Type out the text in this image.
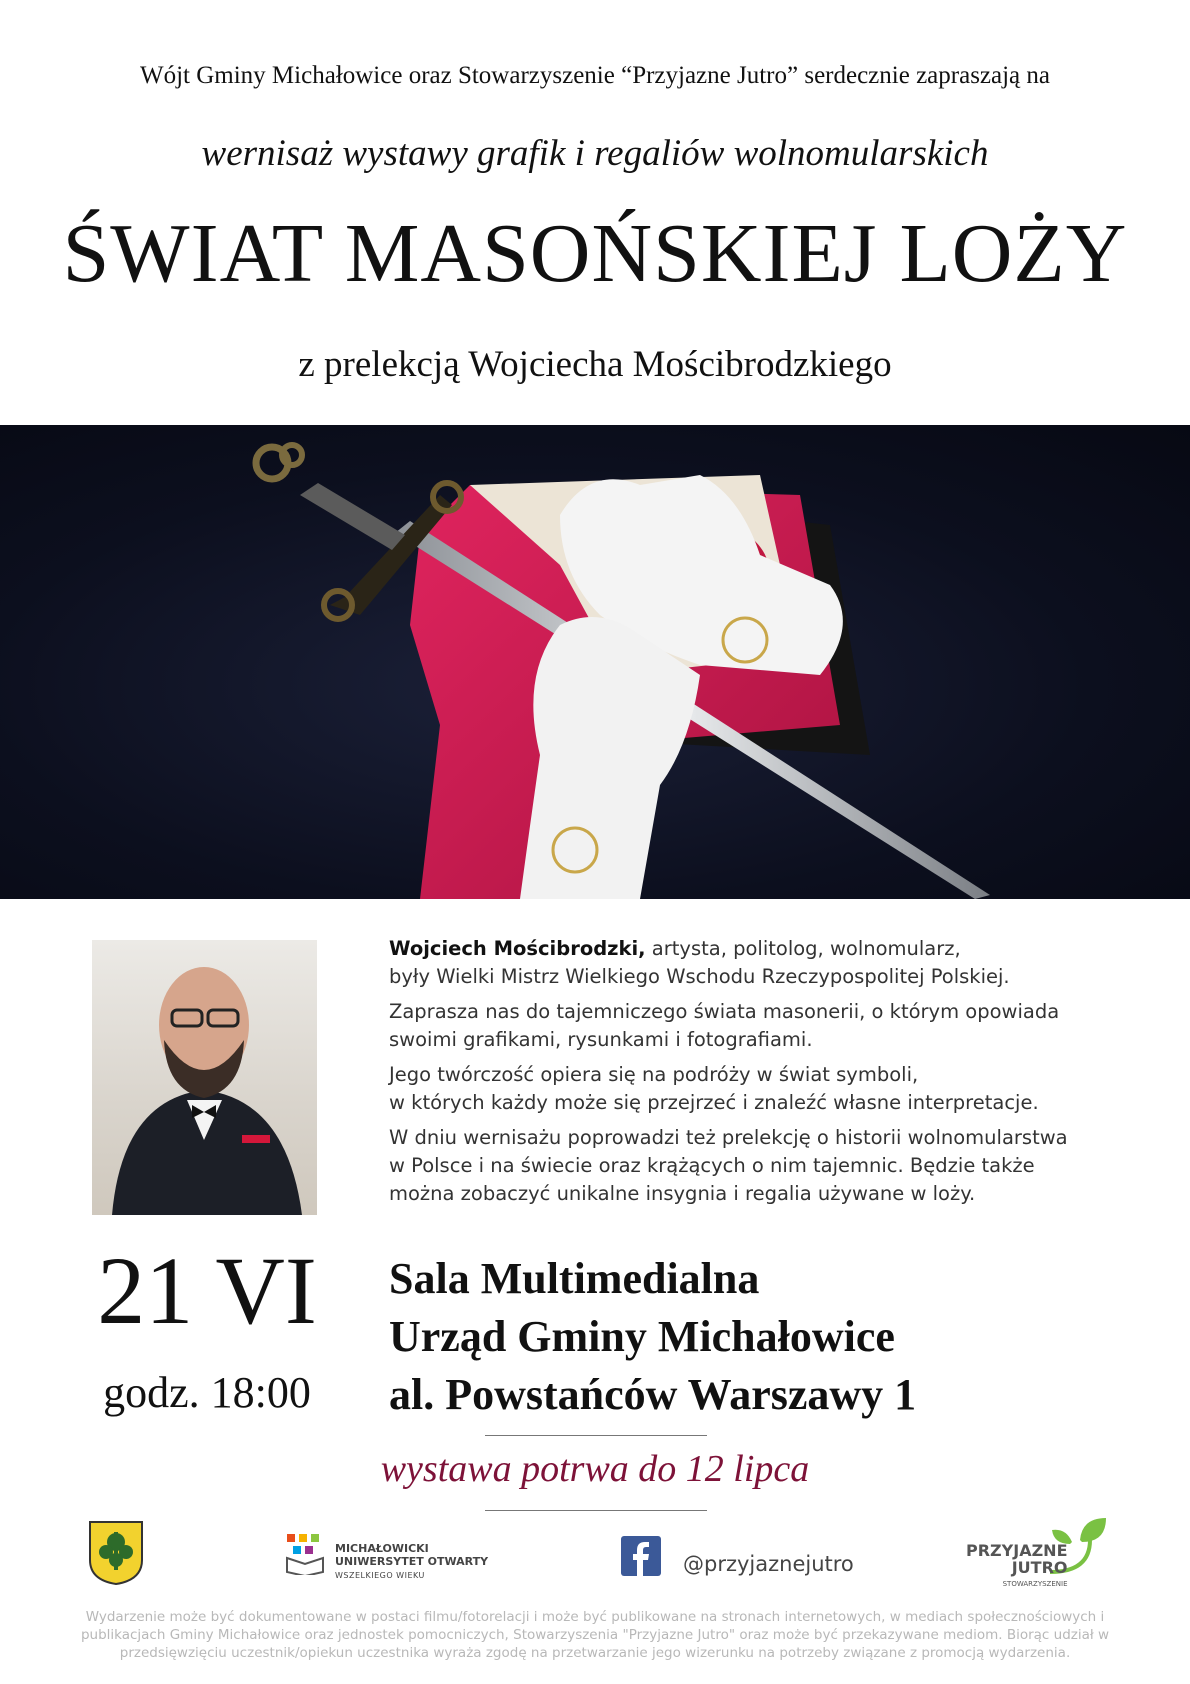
Wójt Gminy Michałowice oraz Stowarzyszenie “Przyjazne Jutro” serdecznie zapraszają na
wernisaż wystawy grafik i regaliów wolnomularskich
ŚWIAT MASOŃSKIEJ LOŻY
z prelekcją Wojciecha Mościbrodzkiego

Wojciech Mościbrodzki, artysta, politolog, wolnomularz,
były Wielki Mistrz Wielkiego Wschodu Rzeczypospolitej Polskiej.

Zaprasza nas do tajemniczego świata masonerii, o którym opowiada
swoimi grafikami, rysunkami i fotografiami.

Jego twórczość opiera się na podróży w świat symboli,
w których każdy może się przejrzeć i znaleźć własne interpretacje.

W dniu wernisażu poprowadzi też prelekcję o historii wolnomularstwa
w Polsce i na świecie oraz krążących o nim tajemnic. Będzie także
można zobaczyć unikalne insygnia i regalia używane w loży.

21 VI
godz. 18:00
Sala Multimedialna
Urząd Gminy Michałowice
al. Powstańców Warszawy 1
wystawa potrwa do 12 lipca
MICHAŁOWICKI
UNIWERSYTET OTWARTY
WSZELKIEGO WIEKU	@przyjaznejutro
PRZYJAZNE
JUTRO
STOWARZYSZENIE
Wydarzenie może być dokumentowane w postaci filmu/fotorelacji i może być publikowane na stronach internetowych, w mediach społecznościowych i publikacjach Gminy Michałowice oraz jednostek pomocniczych, Stowarzyszenia "Przyjazne Jutro" oraz może być przekazywane mediom. Biorąc udział w przedsięwzięciu uczestnik/opiekun uczestnika wyraża zgodę na przetwarzanie jego wizerunku na potrzeby związane z promocją wydarzenia.
